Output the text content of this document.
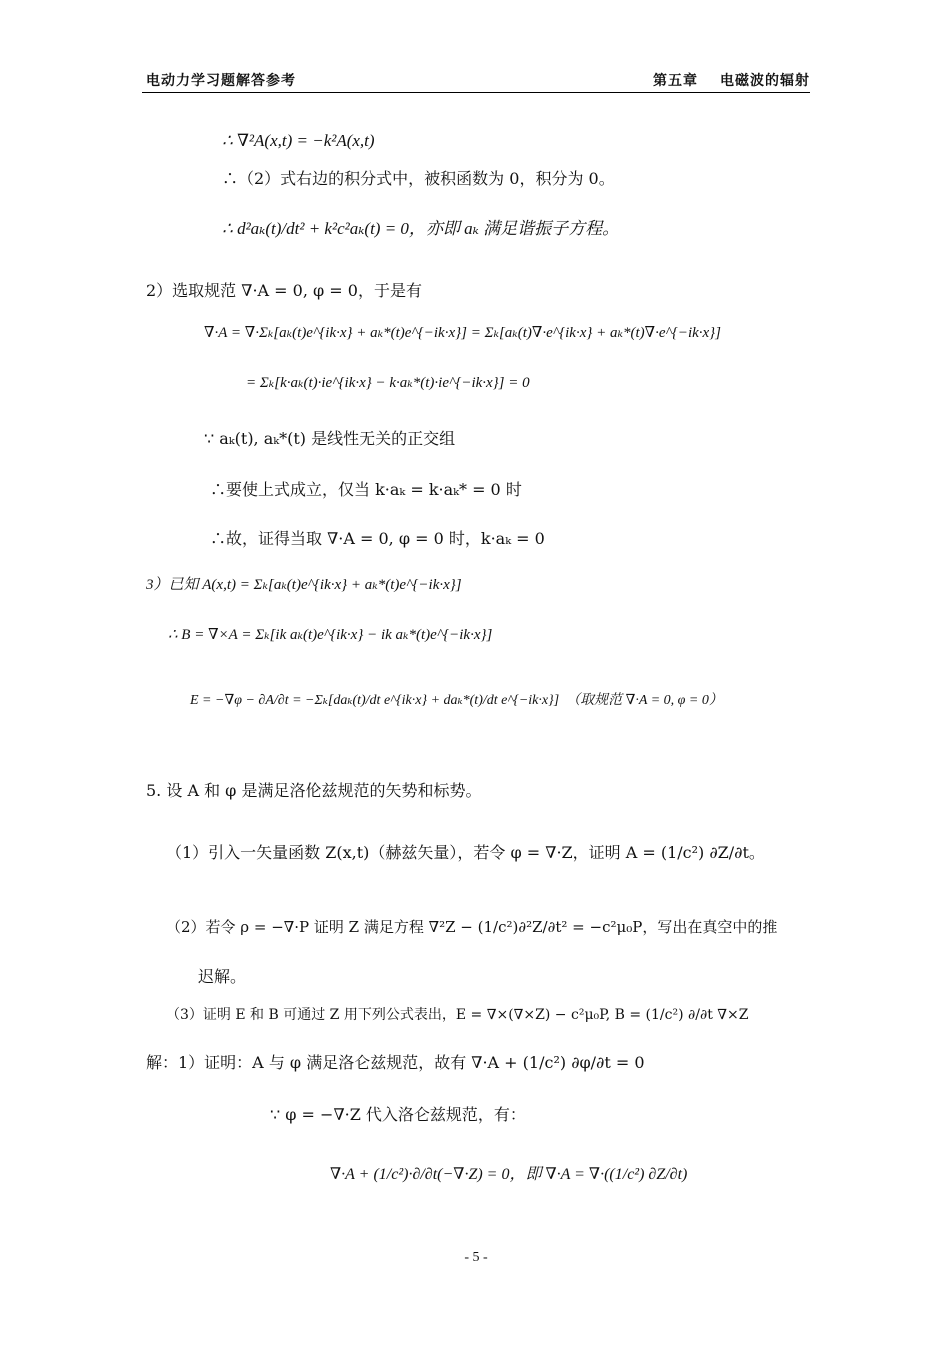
电动力学习题解答参考	第五章 电磁波的辐射
∴ ∇²A(x,t) = −k²A(x,t)
∴（2）式右边的积分式中，被积函数为 0，积分为 0。
∴ d²aₖ(t)/dt² + k²c²aₖ(t) = 0，亦即 aₖ 满足谐振子方程。
2）选取规范 ∇·A = 0, φ = 0，于是有
∇·A = ∇·Σₖ[aₖ(t)e^{ik·x} + aₖ*(t)e^{−ik·x}] = Σₖ[aₖ(t)∇·e^{ik·x} + aₖ*(t)∇·e^{−ik·x}]
= Σₖ[k·aₖ(t)·ie^{ik·x} − k·aₖ*(t)·ie^{−ik·x}] = 0
∵ aₖ(t), aₖ*(t) 是线性无关的正交组
∴要使上式成立，仅当 k·aₖ = k·aₖ* = 0 时
∴故，证得当取 ∇·A = 0, φ = 0 时，k·aₖ = 0
3）已知 A(x,t) = Σₖ[aₖ(t)e^{ik·x} + aₖ*(t)e^{−ik·x}]
∴ B = ∇×A = Σₖ[ik aₖ(t)e^{ik·x} − ik aₖ*(t)e^{−ik·x}]
E = −∇φ − ∂A/∂t = −Σₖ[daₖ(t)/dt e^{ik·x} + daₖ*(t)/dt e^{−ik·x}]　（取规范 ∇·A = 0, φ = 0）
5. 设 A 和 φ 是满足洛伦兹规范的矢势和标势。
（1）引入一矢量函数 Z(x,t)（赫兹矢量），若令 φ = ∇·Z，证明 A = (1/c²) ∂Z/∂t。
（2）若令 ρ = −∇·P 证明 Z 满足方程 ∇²Z − (1/c²)∂²Z/∂t² = −c²μ₀P，写出在真空中的推
迟解。
（3）证明 E 和 B 可通过 Z 用下列公式表出，E = ∇×(∇×Z) − c²μ₀P, B = (1/c²) ∂/∂t ∇×Z
解：1）证明：A 与 φ 满足洛仑兹规范，故有 ∇·A + (1/c²) ∂φ/∂t = 0
∵ φ = −∇·Z 代入洛仑兹规范，有：
∇·A + (1/c²)·∂/∂t(−∇·Z) = 0，即 ∇·A = ∇·((1/c²) ∂Z/∂t)
- 5 -
